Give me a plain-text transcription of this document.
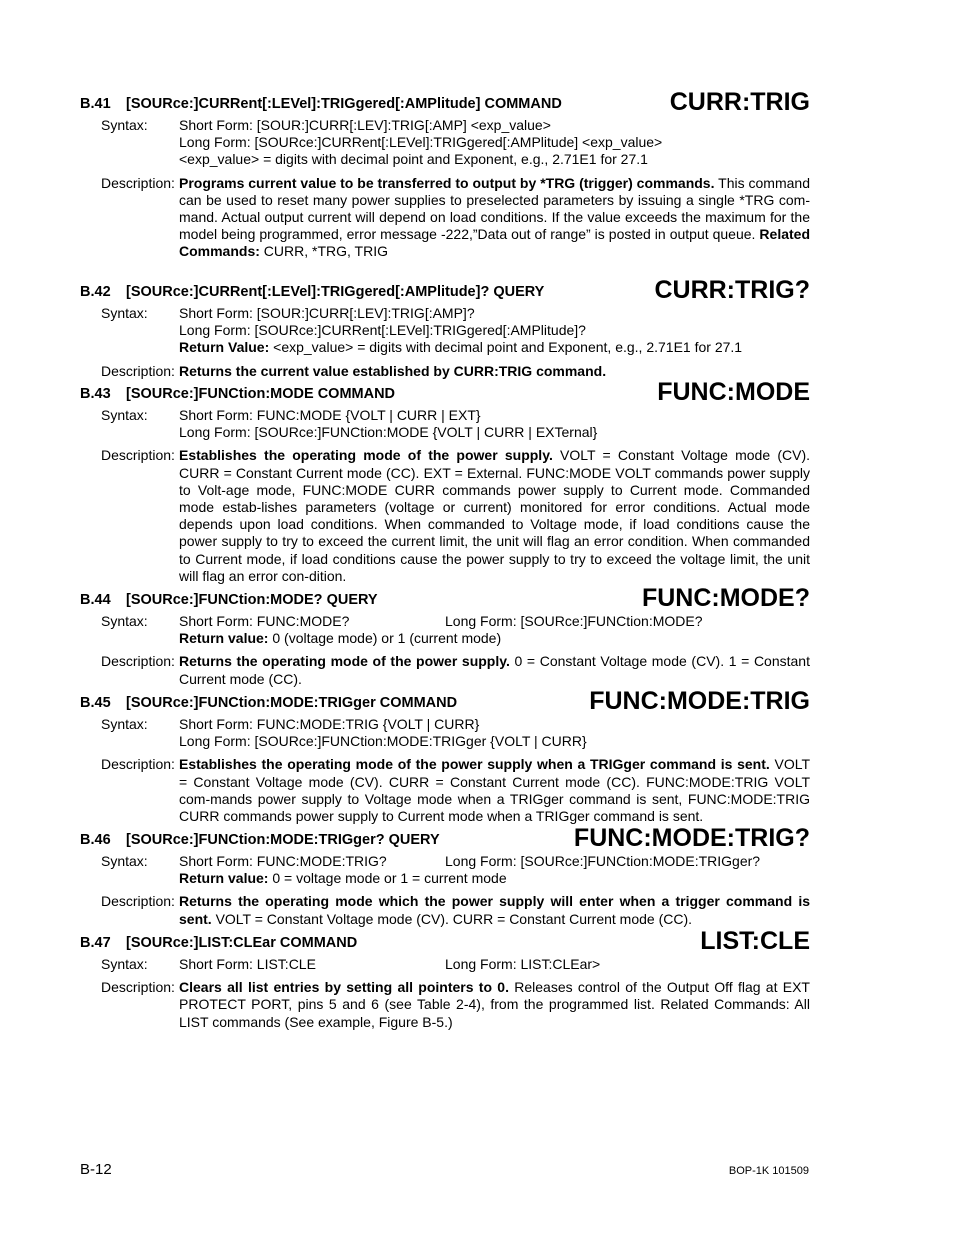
B.41 [SOURce:]CURRent[:LEVel]:TRIGgered[:AMPlitude] COMMAND	CURR:TRIG
Syntax: Short Form: [SOUR:]CURR[:LEV]:TRIG[:AMP] <exp_value>
Long Form: [SOURce:]CURRent[:LEVel]:TRIGgered[:AMPlitude] <exp_value>
<exp_value> = digits with decimal point and Exponent, e.g., 2.71E1 for 27.1
Description: Programs current value to be transferred to output by *TRG (trigger) commands. This command can be used to reset many power supplies to preselected parameters by issuing a single *TRG com-mand. Actual output current will depend on load conditions. If the value exceeds the maximum for the model being programmed, error message -222,”Data out of range” is posted in output queue. Related Commands: CURR, *TRG, TRIG
B.42 [SOURce:]CURRent[:LEVel]:TRIGgered[:AMPlitude]? QUERY	CURR:TRIG?
Syntax: Short Form: [SOUR:]CURR[:LEV]:TRIG[:AMP]?
Long Form: [SOURce:]CURRent[:LEVel]:TRIGgered[:AMPlitude]?
Return Value: <exp_value> = digits with decimal point and Exponent, e.g., 2.71E1 for 27.1
Description: Returns the current value established by CURR:TRIG command.
B.43 [SOURce:]FUNCtion:MODE COMMAND	FUNC:MODE
Syntax: Short Form: FUNC:MODE {VOLT | CURR | EXT}
Long Form: [SOURce:]FUNCtion:MODE {VOLT | CURR | EXTernal}
Description: Establishes the operating mode of the power supply. VOLT = Constant Voltage mode (CV). CURR = Constant Current mode (CC). EXT = External. FUNC:MODE VOLT commands power supply to Volt-age mode, FUNC:MODE CURR commands power supply to Current mode. Commanded mode estab-lishes parameters (voltage or current) monitored for error conditions. Actual mode depends upon load conditions. When commanded to Voltage mode, if load conditions cause the power supply to try to exceed the current limit, the unit will flag an error condition. When commanded to Current mode, if load conditions cause the power supply to try to exceed the voltage limit, the unit will flag an error con-dition.
B.44 [SOURce:]FUNCtion:MODE? QUERY	FUNC:MODE?
Syntax: Short Form: FUNC:MODE?	Long Form: [SOURce:]FUNCtion:MODE?
Return value: 0 (voltage mode) or 1 (current mode)
Description: Returns the operating mode of the power supply. 0 = Constant Voltage mode (CV). 1 = Constant Current mode (CC).
B.45 [SOURce:]FUNCtion:MODE:TRIGger COMMAND	FUNC:MODE:TRIG
Syntax: Short Form: FUNC:MODE:TRIG {VOLT | CURR}
Long Form: [SOURce:]FUNCtion:MODE:TRIGger {VOLT | CURR}
Description: Establishes the operating mode of the power supply when a TRIGger command is sent. VOLT = Constant Voltage mode (CV). CURR = Constant Current mode (CC). FUNC:MODE:TRIG VOLT com-mands power supply to Voltage mode when a TRIGger command is sent, FUNC:MODE:TRIG CURR commands power supply to Current mode when a TRIGger command is sent.
B.46 [SOURce:]FUNCtion:MODE:TRIGger? QUERY	FUNC:MODE:TRIG?
Syntax: Short Form: FUNC:MODE:TRIG?	Long Form: [SOURce:]FUNCtion:MODE:TRIGger?
Return value: 0 = voltage mode or 1 = current mode
Description: Returns the operating mode which the power supply will enter when a trigger command is sent. VOLT = Constant Voltage mode (CV). CURR = Constant Current mode (CC).
B.47 [SOURce:]LIST:CLEar COMMAND	LIST:CLE
Syntax: Short Form: LIST:CLE	Long Form: LIST:CLEar>
Description: Clears all list entries by setting all pointers to 0. Releases control of the Output Off flag at EXT PROTECT PORT, pins 5 and 6 (see Table 2-4), from the programmed list. Related Commands: All LIST commands (See example, Figure B-5.)
B-12	BOP-1K 101509
